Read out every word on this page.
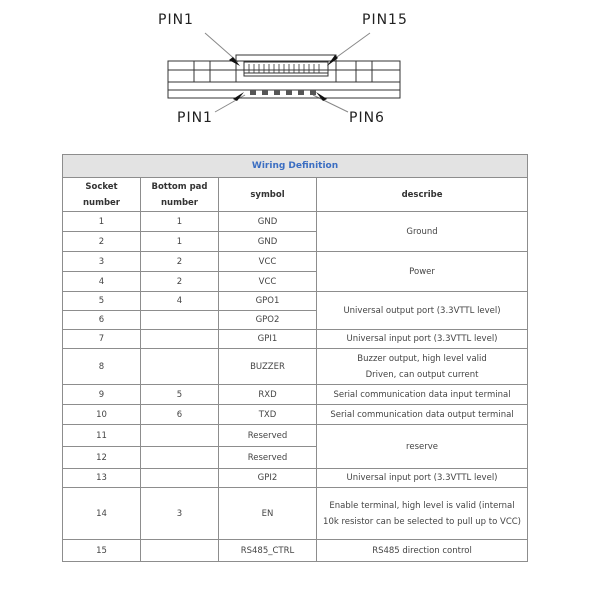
PIN1	PIN15
PIN1	PIN6
Wiring Definition			
Socket number	Bottom pad number	symbol	describe
1	1	GND	Ground
2	1	GND	
3	2	VCC	Power
4	2	VCC	
5	4	GPO1	Universal output port (3.3VTTL level)
6		GPO2	
7		GPI1	Universal input port (3.3VTTL level)
8		BUZZER	Buzzer output, high level valid Driven, can output current
9	5	RXD	Serial communication data input terminal
10	6	TXD	Serial communication data output terminal
11		Reserved	reserve
12		Reserved	
13		GPI2	Universal input port (3.3VTTL level)
14	3	EN	Enable terminal, high level is valid (internal 10k resistor can be selected to pull up to VCC)
15		RS485_CTRL	RS485 direction control
